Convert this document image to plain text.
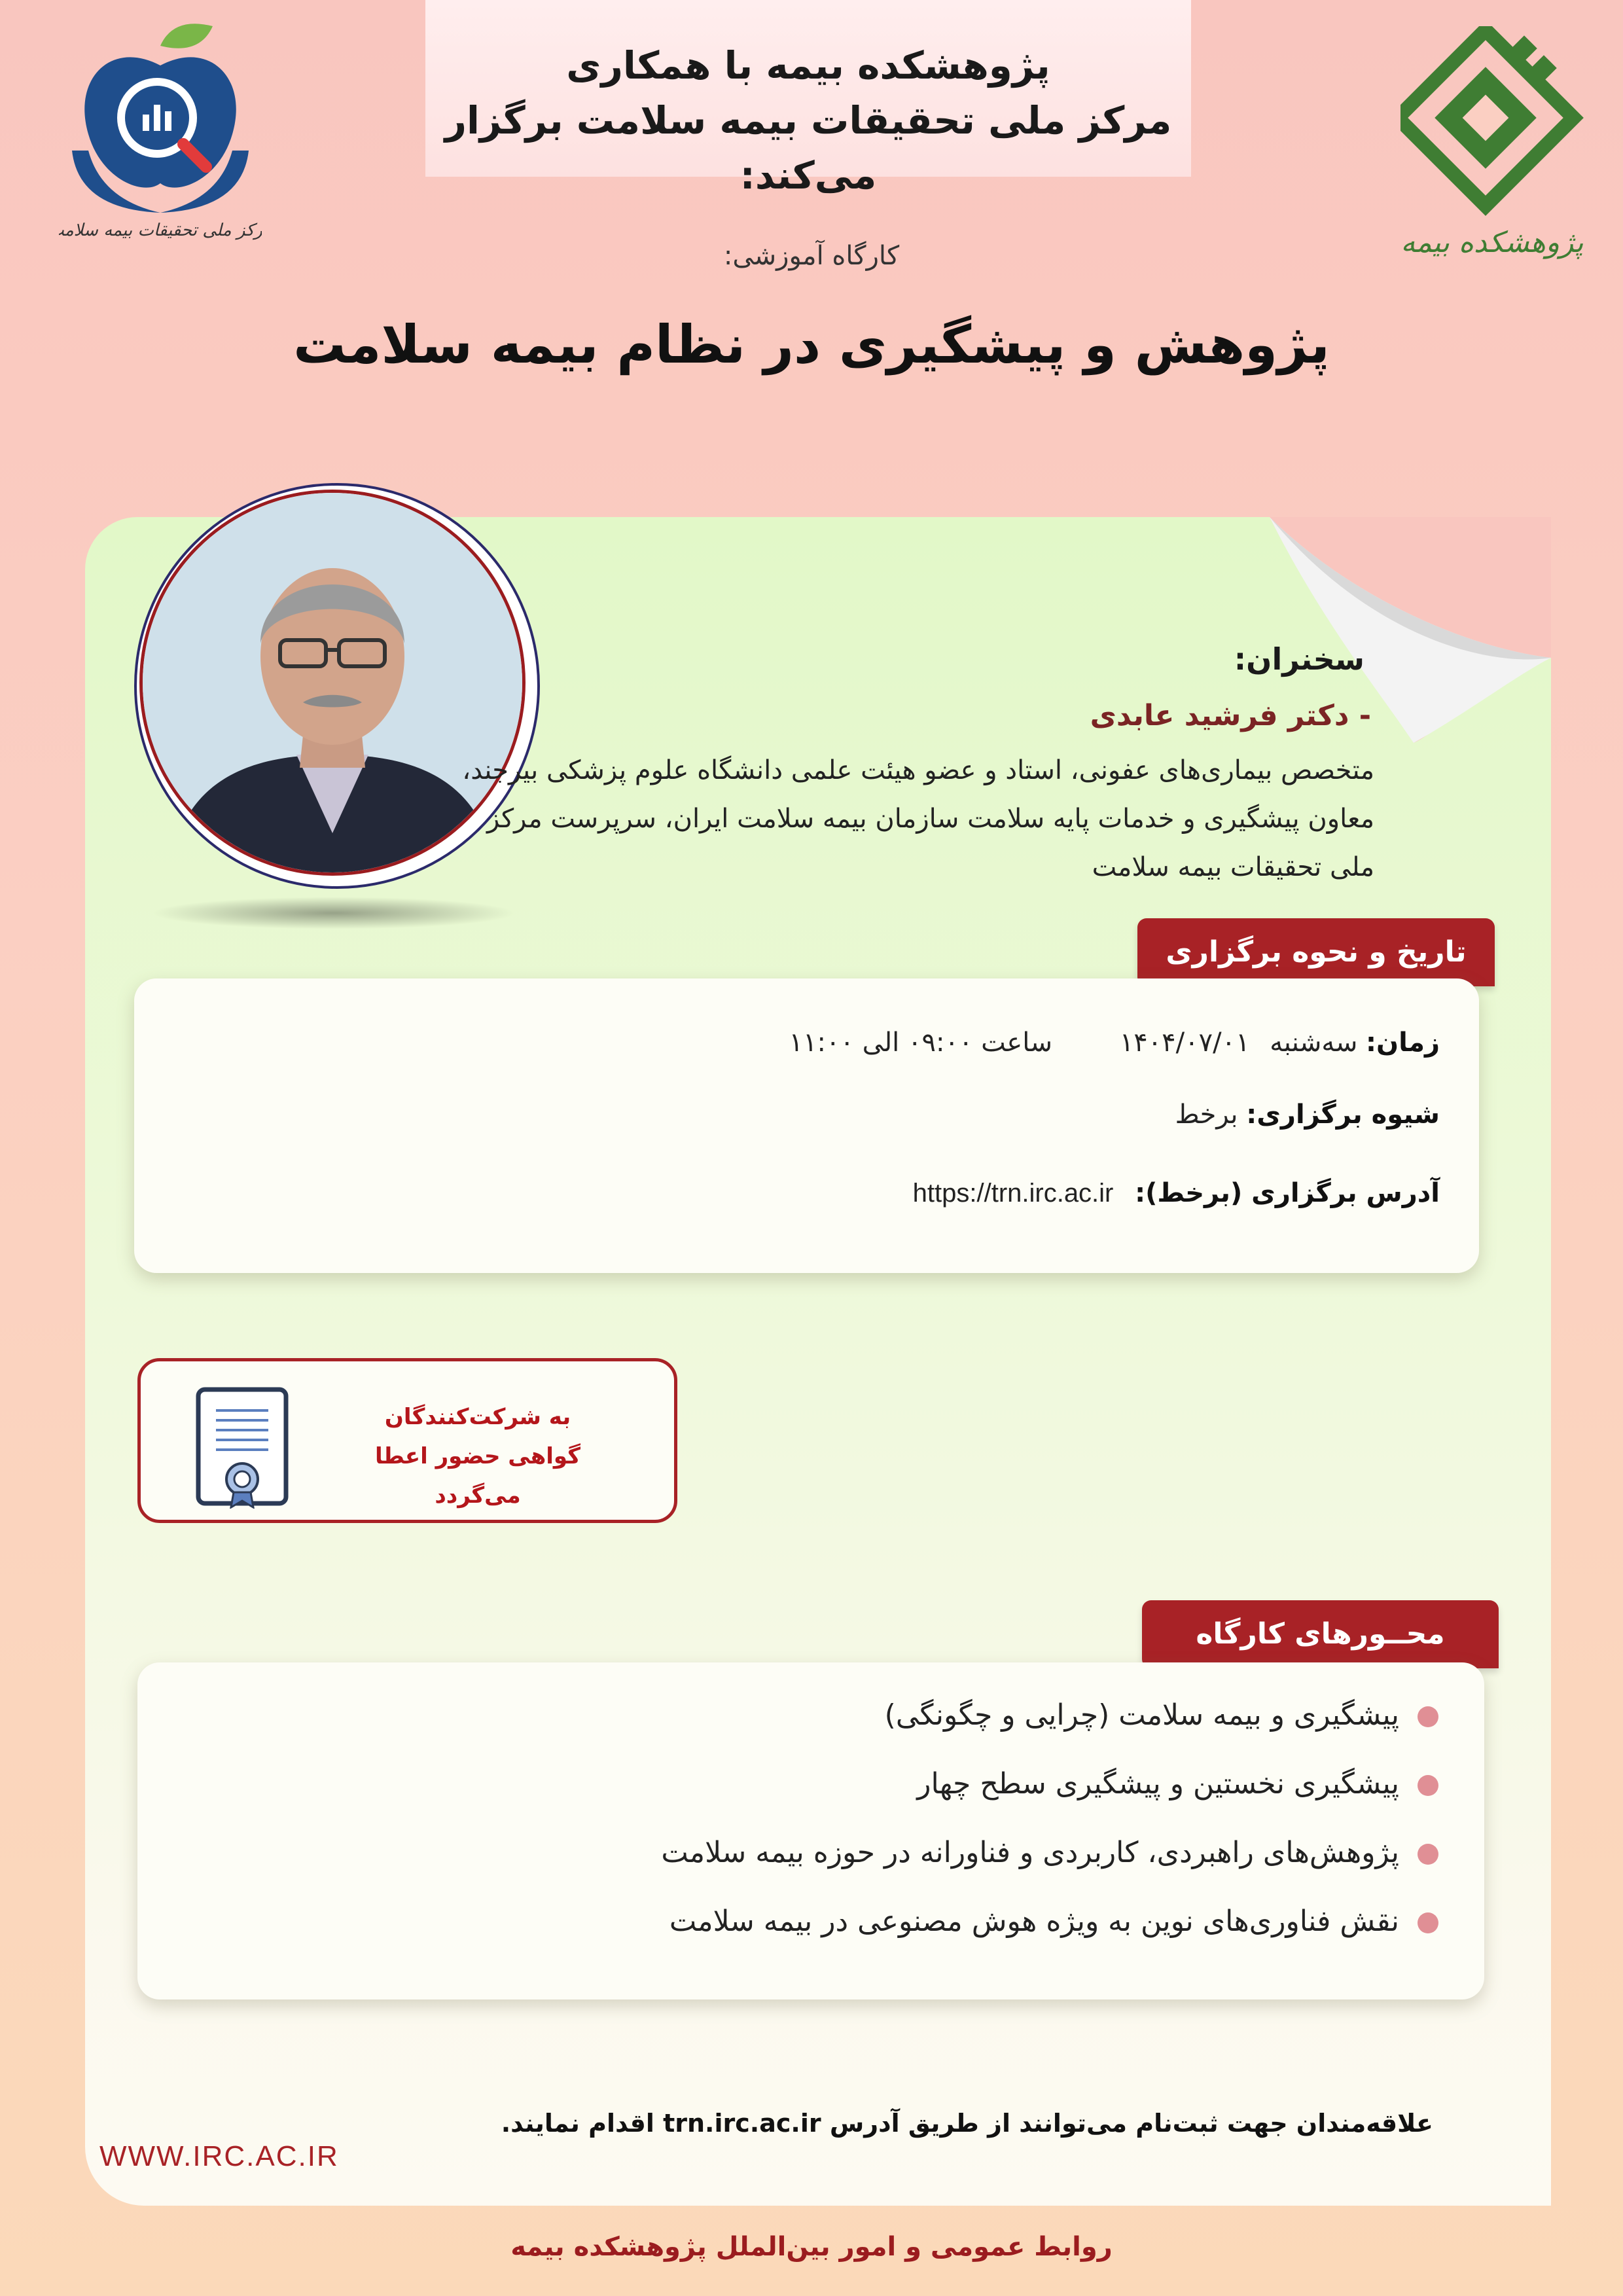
پژوهشکده بیمه با همکاری
مرکز ملی تحقیقات بیمه سلامت برگزار می‌کند:
پژوهشکده بیمه
مرکز ملی تحقیقات بیمه سلامت
کارگاه آموزشی:
پژوهش و پیشگیری در نظام بیمه سلامت
سخنران:
- دکتر فرشید عابدی
متخصص بیماری‌های عفونی، استاد و عضو هیئت علمی دانشگاه علوم پزشکی بیرجند، معاون پیشگیری و خدمات پایه سلامت سازمان بیمه سلامت ایران، سرپرست مرکز ملی تحقیقات بیمه سلامت
تاریخ و نحوه برگزاری
زمان: سه‌شنبه ۱۴۰۴/۰۷/۰۱ ساعت ۰۹:۰۰ الی ۱۱:۰۰
شیوه برگزاری: برخط
آدرس برگزاری (برخط): https://trn.irc.ac.ir
به شرکت‌کنندگان
گواهی حضور اعطا می‌گردد
محــورهای کارگاه
پیشگیری و بیمه سلامت (چرایی و چگونگی)
پیشگیری نخستین و پیشگیری سطح چهار
پژوهش‌های راهبردی، کاربردی و فناورانه در حوزه بیمه سلامت
نقش فناوری‌های نوین به ویژه هوش مصنوعی در بیمه سلامت
علاقه‌مندان جهت ثبت‌نام می‌توانند از طریق آدرس trn.irc.ac.ir اقدام نمایند.
WWW.IRC.AC.IR
روابط عمومی و امور بین‌الملل پژوهشکده بیمه
